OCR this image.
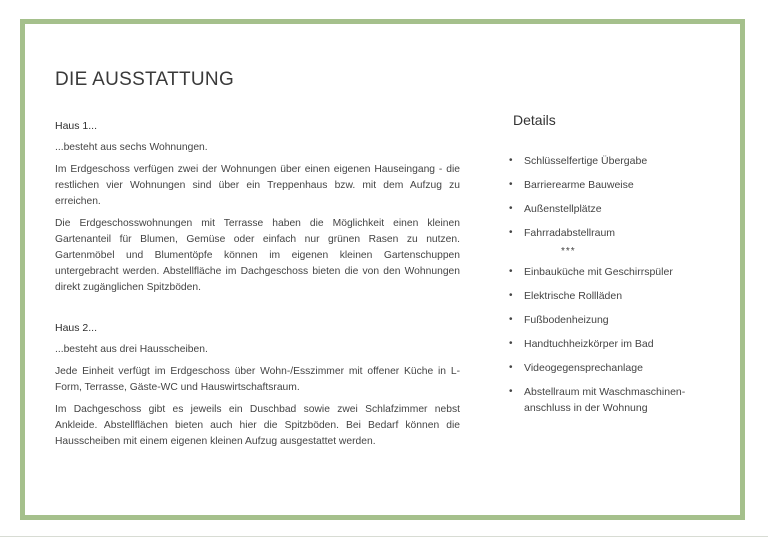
DIE AUSSTATTUNG
Haus 1...

...besteht aus sechs Wohnungen.

Im Erdgeschoss verfügen zwei der Wohnungen über einen eigenen Hauseingang - die restlichen vier Wohnungen sind über ein Treppenhaus bzw. mit dem Aufzug zu erreichen.

Die Erdgeschosswohnungen mit Terrasse haben die Möglichkeit einen kleinen Gartenanteil für Blumen, Gemüse oder einfach nur grünen Rasen zu nutzen. Gartenmöbel und Blumentöpfe können im eigenen kleinen Gartenschuppen untergebracht werden. Abstellfläche im Dachgeschoss bieten die von den Wohnungen direkt zugänglichen Spitzböden.

Haus 2...

...besteht aus drei Hausscheiben.

Jede Einheit verfügt im Erdgeschoss über Wohn-/Esszimmer mit offener Küche in L-Form, Terrasse, Gäste-WC und Hauswirtschaftsraum.

Im Dachgeschoss gibt es jeweils ein Duschbad sowie zwei Schlafzimmer nebst Ankleide. Abstellflächen bieten auch hier die Spitzböden. Bei Bedarf können die Hausscheiben mit einem eigenen kleinen Aufzug ausgestattet werden.

Details
• Schlüsselfertige Übergabe
• Barrierearme Bauweise
• Außenstellplätze
• Fahrradabstellraum
***
• Einbauküche mit Geschirrspüler
• Elektrische Rollläden
• Fußbodenheizung
• Handtuchheizkörper im Bad
• Videogegensprechanlage
• Abstellraum mit Waschmaschinen-anschluss in der Wohnung
